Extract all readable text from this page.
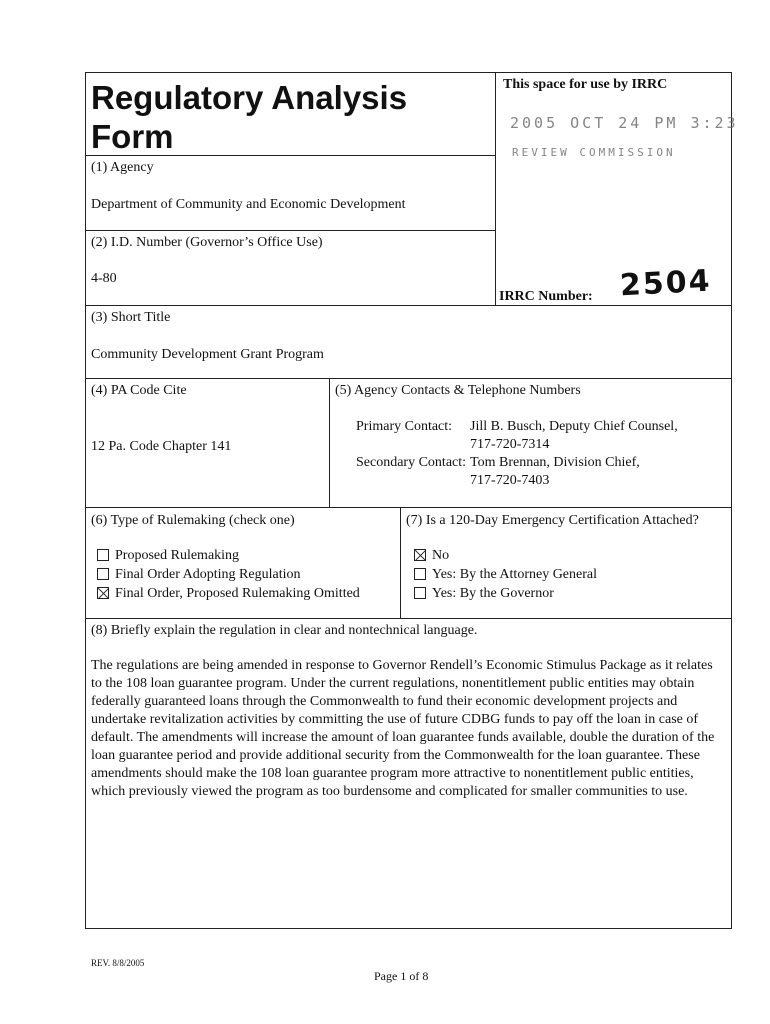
Regulatory Analysis
Form
This space for use by IRRC
2005 OCT 24 PM 3:23
REVIEW COMMISSION
IRRC Number: 2504
(1) Agency
Department of Community and Economic Development
(2) I.D. Number (Governor’s Office Use)
4-80
(3) Short Title
Community Development Grant Program
(4) PA Code Cite
12 Pa. Code Chapter 141
(5) Agency Contacts & Telephone Numbers
Primary Contact:	Jill B. Busch, Deputy Chief Counsel,
	717-720-7314
Secondary Contact:	Tom Brennan, Division Chief,
	717-720-7403
(6) Type of Rulemaking (check one)
Proposed Rulemaking
Final Order Adopting Regulation
Final Order, Proposed Rulemaking Omitted
(7) Is a 120-Day Emergency Certification Attached?
No
Yes: By the Attorney General
Yes: By the Governor
(8) Briefly explain the regulation in clear and nontechnical language.
The regulations are being amended in response to Governor Rendell’s Economic Stimulus Package as it relates to the 108 loan guarantee program. Under the current regulations, nonentitlement public entities may obtain federally guaranteed loans through the Commonwealth to fund their economic development projects and undertake revitalization activities by committing the use of future CDBG funds to pay off the loan in case of default. The amendments will increase the amount of loan guarantee funds available, double the duration of the loan guarantee period and provide additional security from the Commonwealth for the loan guarantee. These amendments should make the 108 loan guarantee program more attractive to nonentitlement public entities, which previously viewed the program as too burdensome and complicated for smaller communities to use.
REV. 8/8/2005
Page 1 of 8
